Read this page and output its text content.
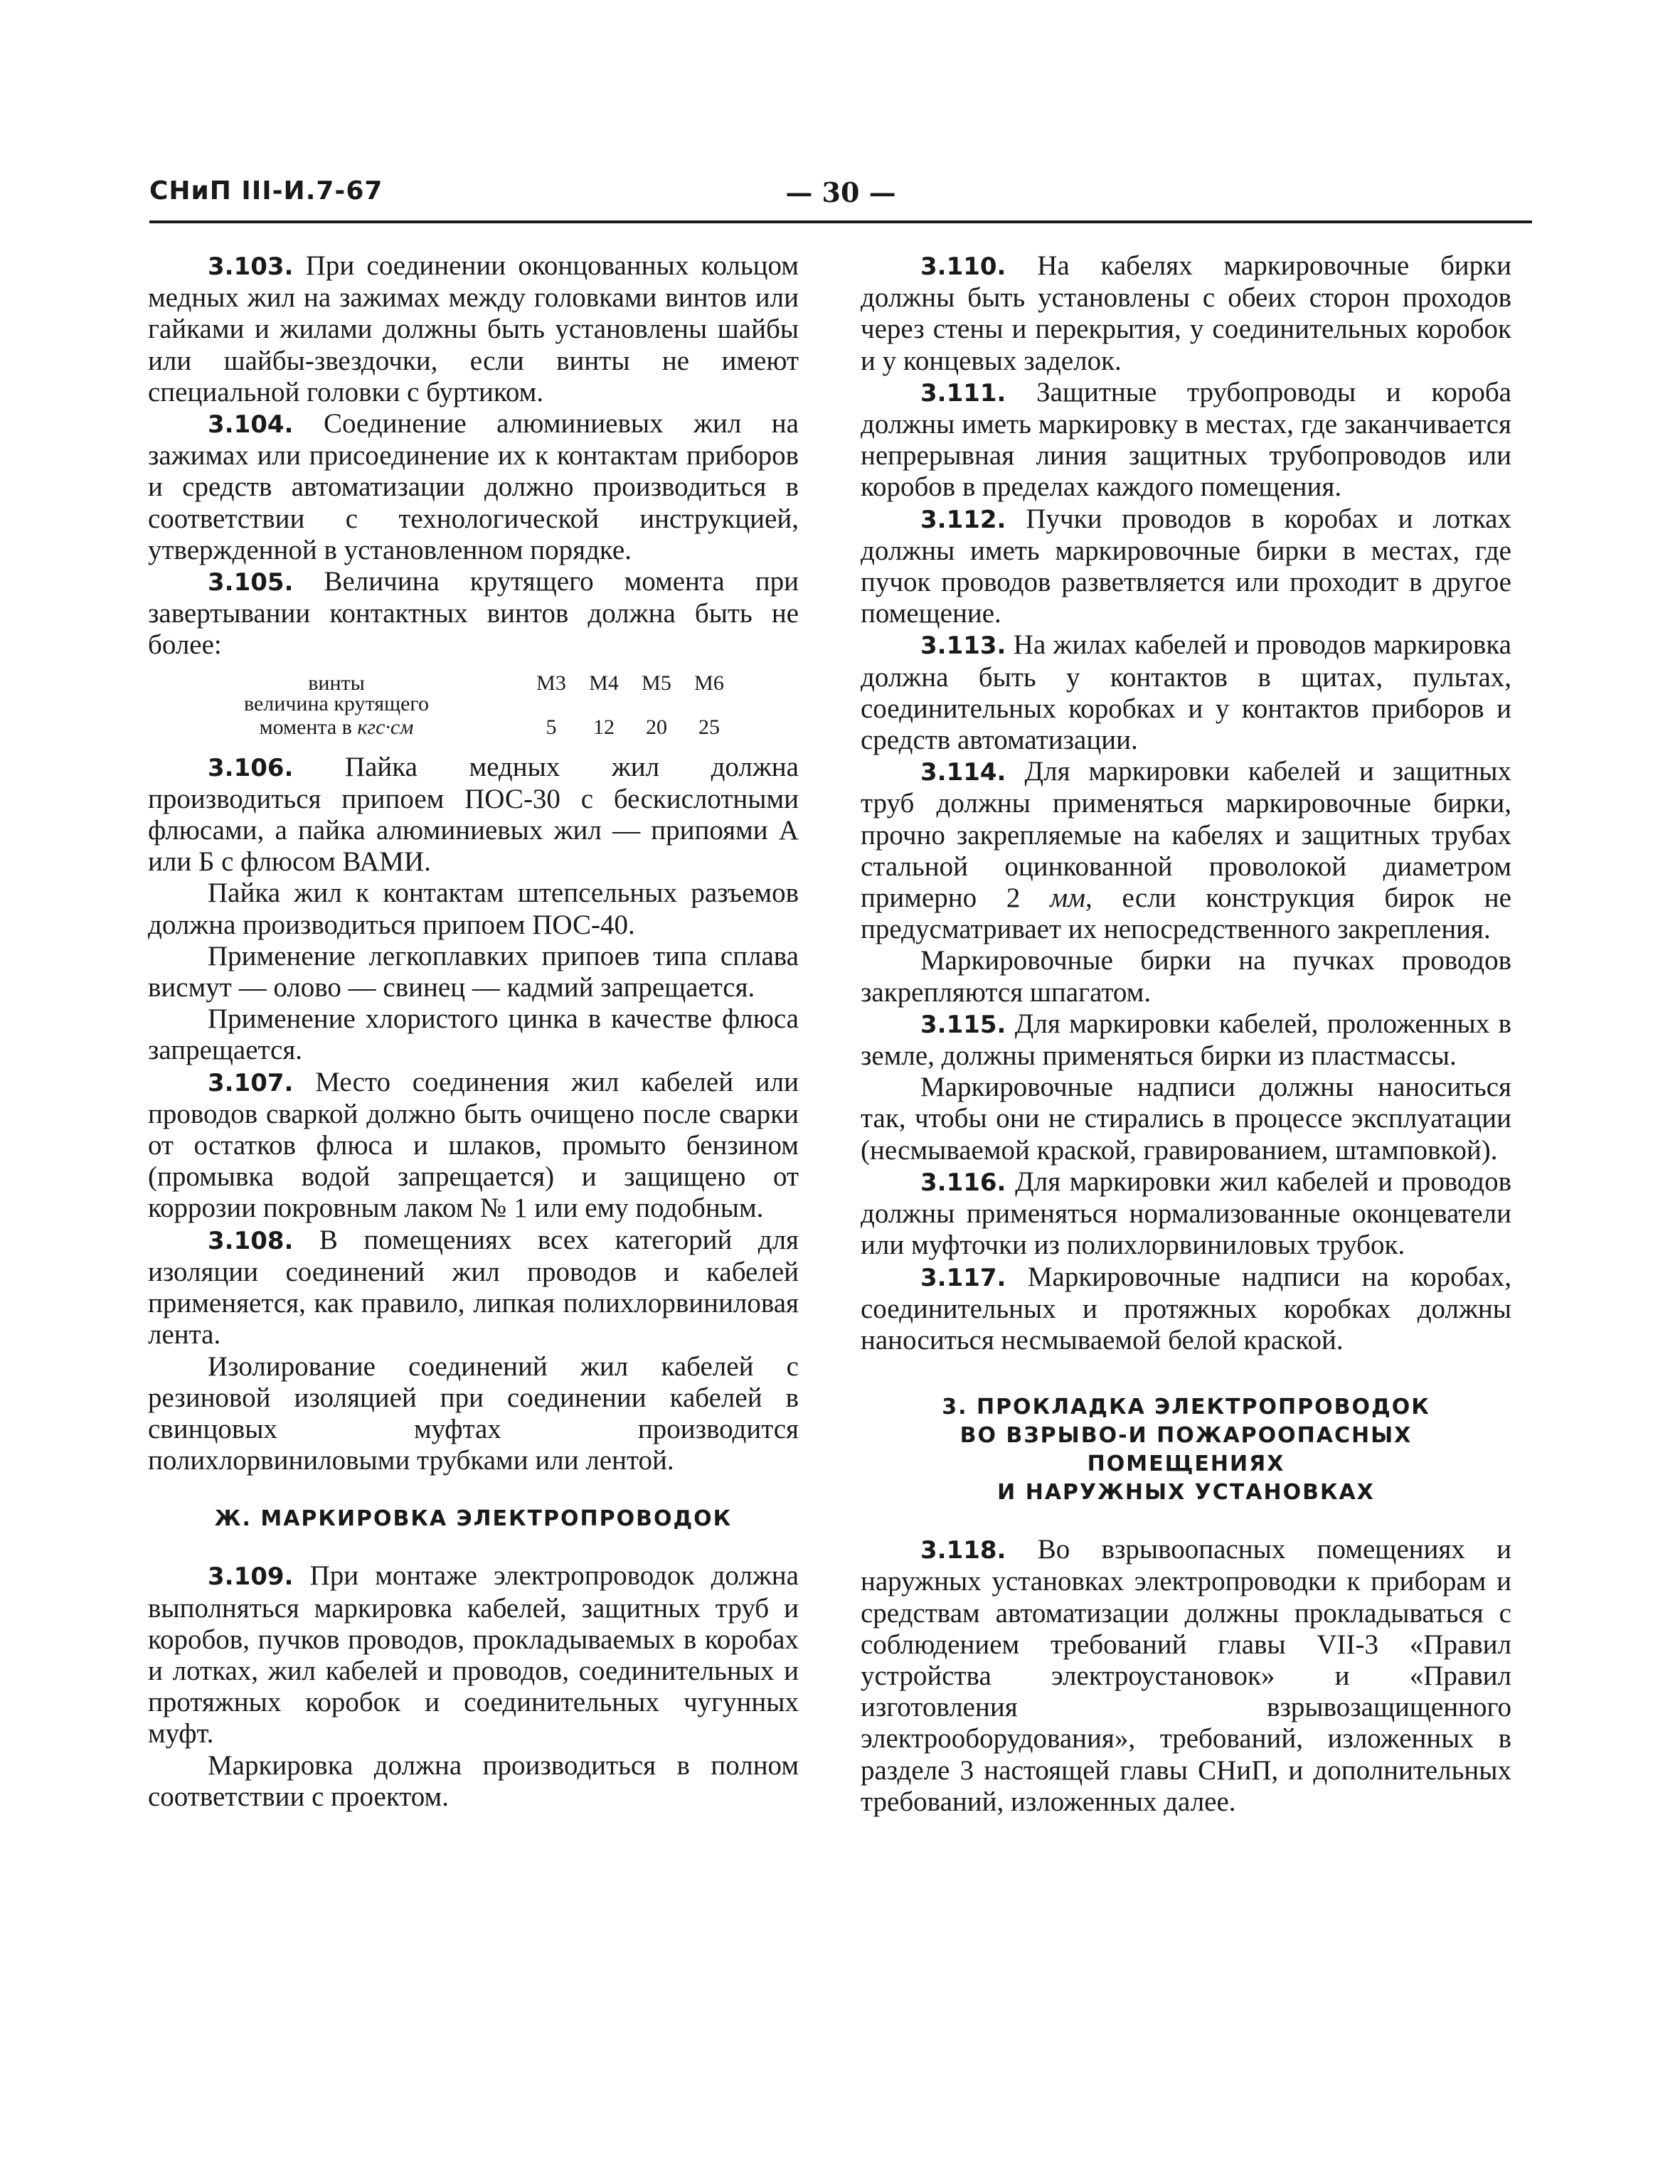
СНиП III-И.7-67	— 30 —

3.103. При соединении оконцованных кольцом медных жил на зажимах между головками винтов или гайками и жилами должны быть установлены шайбы или шайбы-звездочки, если винты не имеют специальной головки с буртиком.

3.104. Соединение алюминиевых жил на зажимах или присоединение их к контактам приборов и средств автоматизации должно производиться в соответствии с технологической инструкцией, утвержденной в установленном порядке.

3.105. Величина крутящего момента при завертывании контактных винтов должна быть не более:

винты	М3	М4	М5	М6
величина крутящего
момента в кгс·см	5	12	20	25

3.106. Пайка медных жил должна производиться припоем ПОС-30 с бескислотными флюсами, а пайка алюминиевых жил — припоями А или Б с флюсом ВАМИ.

Пайка жил к контактам штепсельных разъемов должна производиться припоем ПОС-40.

Применение легкоплавких припоев типа сплава висмут — олово — свинец — кадмий запрещается.

Применение хлористого цинка в качестве флюса запрещается.

3.107. Место соединения жил кабелей или проводов сваркой должно быть очищено после сварки от остатков флюса и шлаков, промыто бензином (промывка водой запрещается) и защищено от коррозии покровным лаком № 1 или ему подобным.

3.108. В помещениях всех категорий для изоляции соединений жил проводов и кабелей применяется, как правило, липкая полихлорвиниловая лента.

Изолирование соединений жил кабелей с резиновой изоляцией при соединении кабелей в свинцовых муфтах производится полихлорвиниловыми трубками или лентой.

Ж. МАРКИРОВКА ЭЛЕКТРОПРОВОДОК

3.109. При монтаже электропроводок должна выполняться маркировка кабелей, защитных труб и коробов, пучков проводов, прокладываемых в коробах и лотках, жил кабелей и проводов, соединительных и протяжных коробок и соединительных чугунных муфт.

Маркировка должна производиться в полном соответствии с проектом.

3.110. На кабелях маркировочные бирки должны быть установлены с обеих сторон проходов через стены и перекрытия, у соединительных коробок и у концевых заделок.

3.111. Защитные трубопроводы и короба должны иметь маркировку в местах, где заканчивается непрерывная линия защитных трубопроводов или коробов в пределах каждого помещения.

3.112. Пучки проводов в коробах и лотках должны иметь маркировочные бирки в местах, где пучок проводов разветвляется или проходит в другое помещение.

3.113. На жилах кабелей и проводов маркировка должна быть у контактов в щитах, пультах, соединительных коробках и у контактов приборов и средств автоматизации.

3.114. Для маркировки кабелей и защитных труб должны применяться маркировочные бирки, прочно закрепляемые на кабелях и защитных трубах стальной оцинкованной проволокой диаметром примерно 2 мм, если конструкция бирок не предусматривает их непосредственного закрепления.

Маркировочные бирки на пучках проводов закрепляются шпагатом.

3.115. Для маркировки кабелей, проложенных в земле, должны применяться бирки из пластмассы.

Маркировочные надписи должны наноситься так, чтобы они не стирались в процессе эксплуатации (несмываемой краской, гравированием, штамповкой).

3.116. Для маркировки жил кабелей и проводов должны применяться нормализованные оконцеватели или муфточки из полихлорвиниловых трубок.

3.117. Маркировочные надписи на коробах, соединительных и протяжных коробках должны наноситься несмываемой белой краской.

3. ПРОКЛАДКА ЭЛЕКТРОПРОВОДОК
ВО ВЗРЫВО-И ПОЖАРООПАСНЫХ ПОМЕЩЕНИЯХ
И НАРУЖНЫХ УСТАНОВКАХ

3.118. Во взрывоопасных помещениях и наружных установках электропроводки к приборам и средствам автоматизации должны прокладываться с соблюдением требований главы VII-3 «Правил устройства электроустановок» и «Правил изготовления взрывозащищенного электрооборудования», требований, изложенных в разделе 3 настоящей главы СНиП, и дополнительных требований, изложенных далее.
